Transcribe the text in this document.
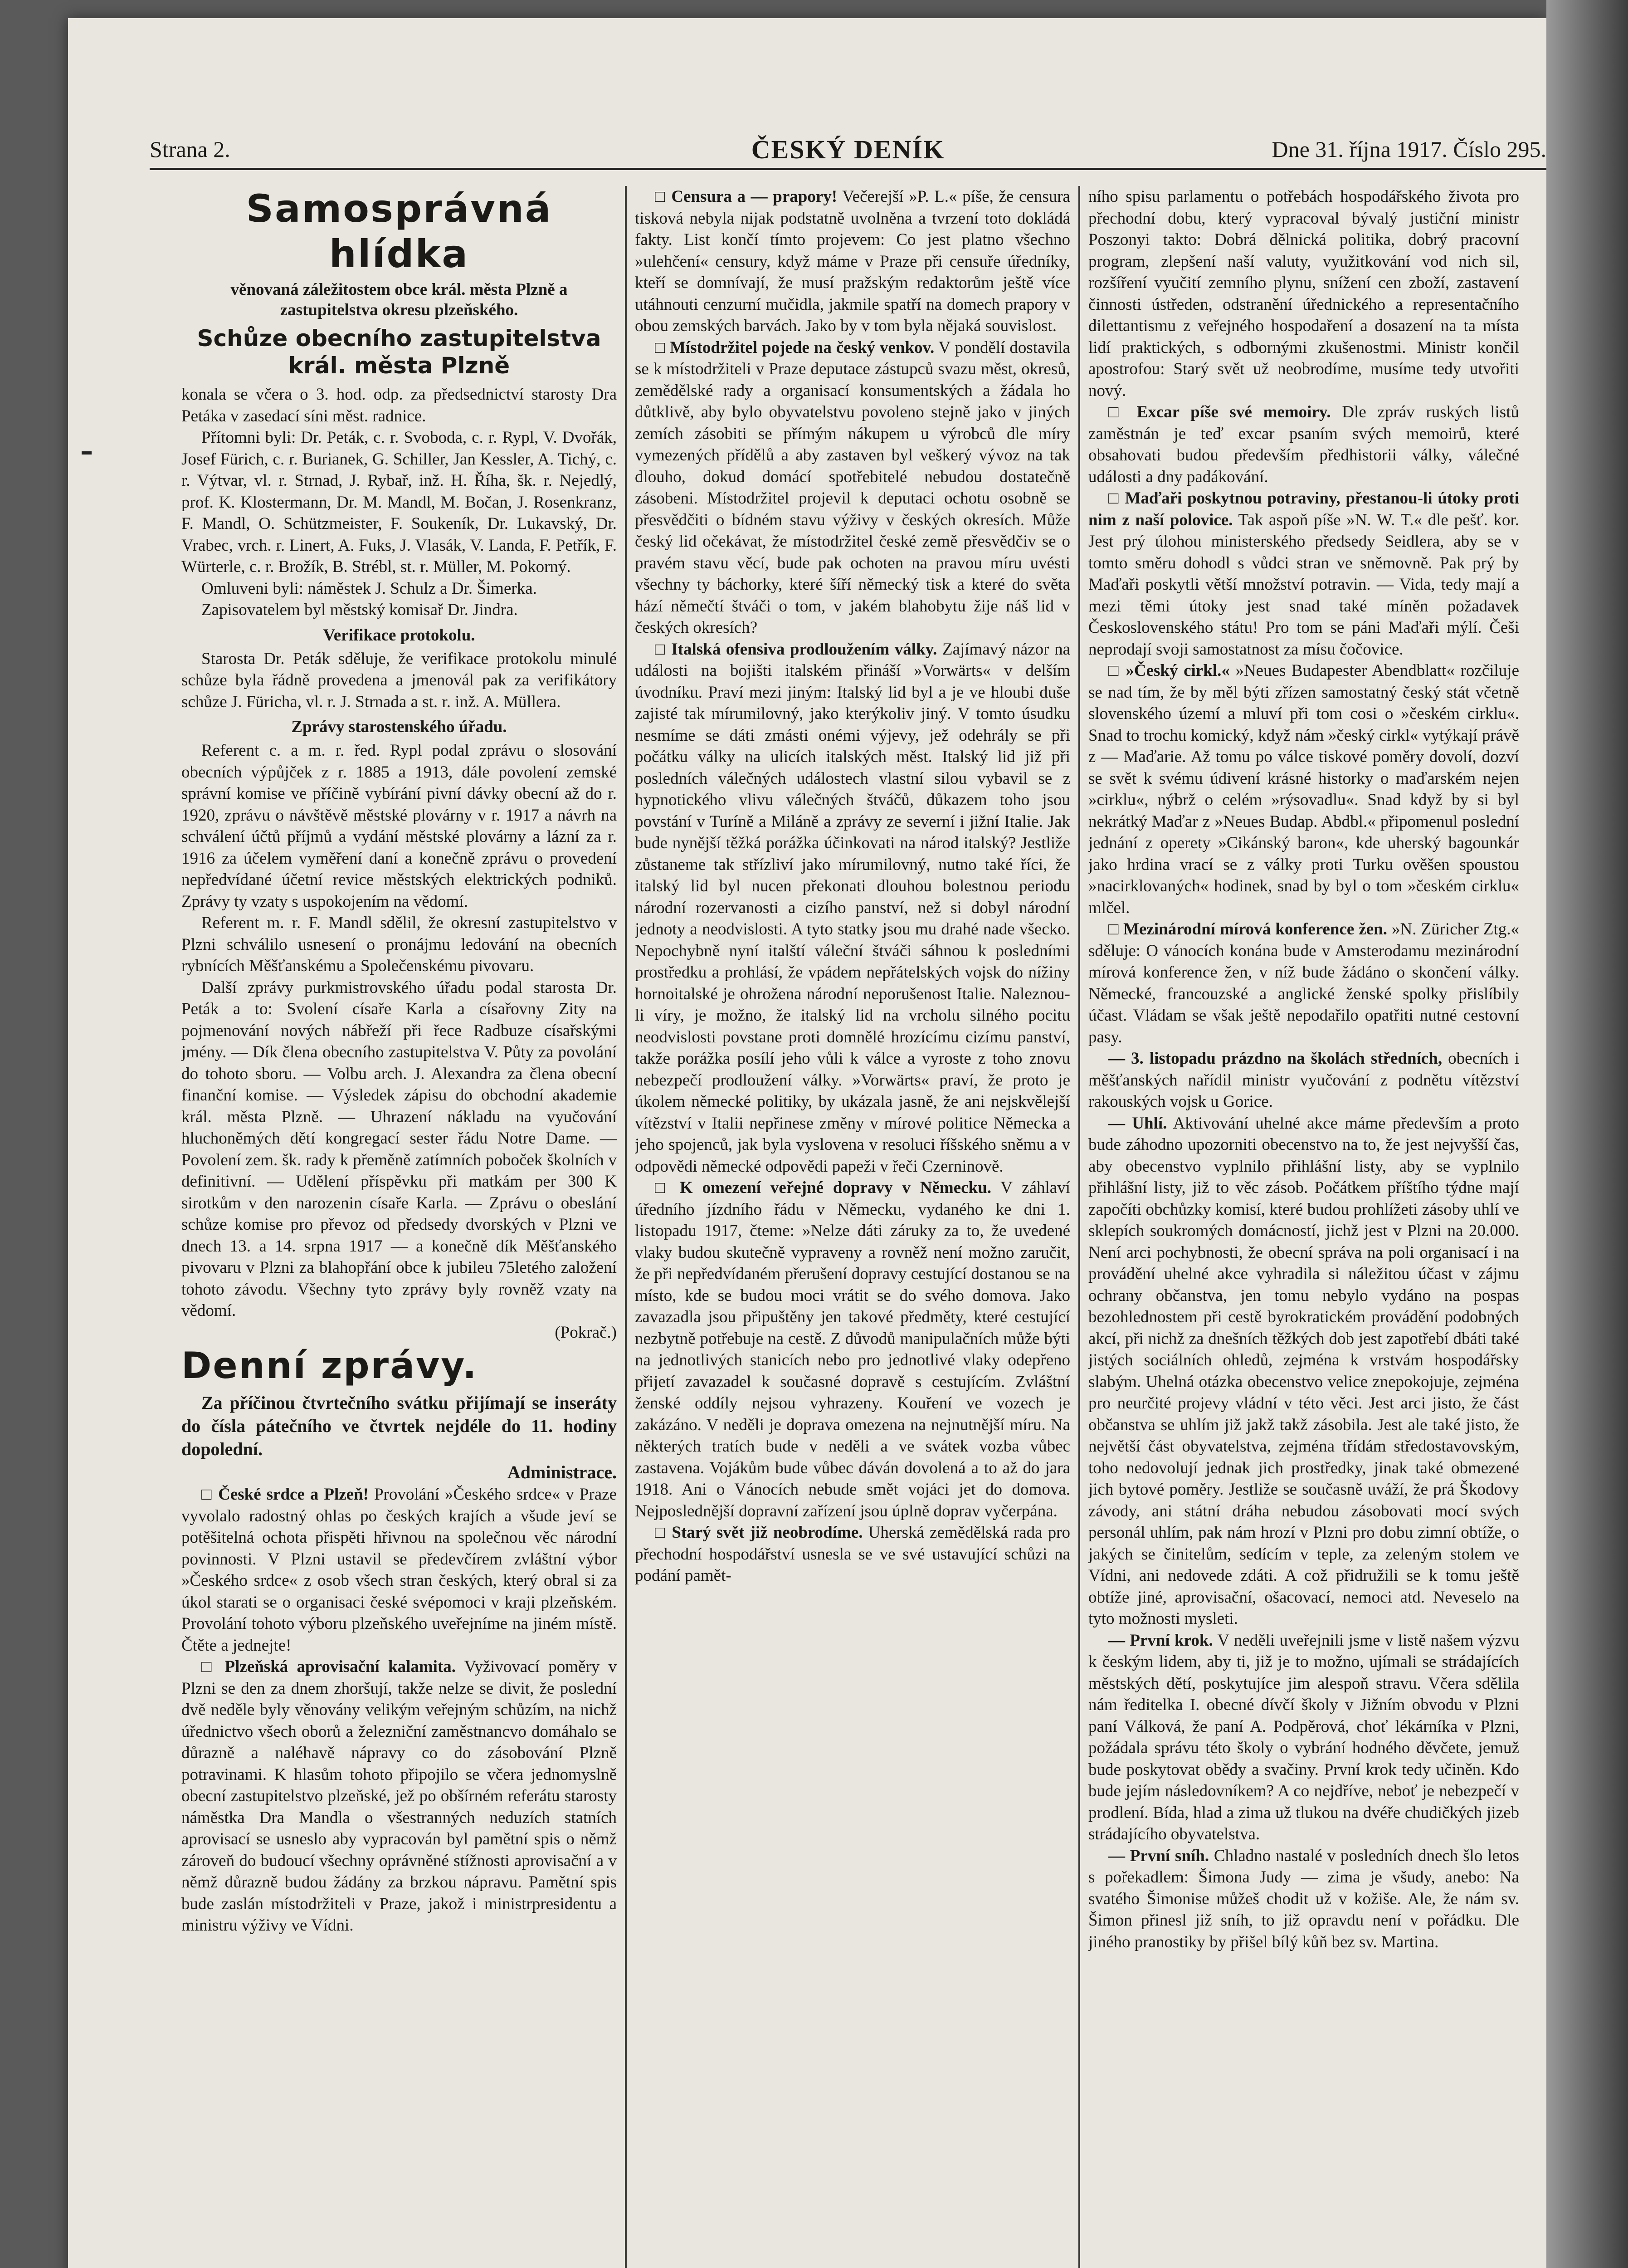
Strana 2.	ČESKÝ DENÍK	Dne 31. října 1917. Číslo 295.
Samosprávná hlídka
věnovaná záležitostem obce král. města Plzně a zastupitelstva okresu plzeňského.
Schůze obecního zastupitelstva král. města Plzně

konala se včera o 3. hod. odp. za předsednictví starosty Dra Petáka v zasedací síni měst. radnice.

Přítomni byli: Dr. Peták, c. r. Svoboda, c. r. Rypl, V. Dvořák, Josef Fürich, c. r. Burianek, G. Schiller, Jan Kessler, A. Tichý, c. r. Výtvar, vl. r. Strnad, J. Rybař, inž. H. Říha, šk. r. Nejedlý, prof. K. Klostermann, Dr. M. Mandl, M. Bočan, J. Rosenkranz, F. Mandl, O. Schützmeister, F. Soukeník, Dr. Lukavský, Dr. Vrabec, vrch. r. Linert, A. Fuks, J. Vlasák, V. Landa, F. Petřík, F. Würterle, c. r. Brožík, B. Strébl, st. r. Müller, M. Pokorný.

Omluveni byli: náměstek J. Schulz a Dr. Šimerka.

Zapisovatelem byl městský komisař Dr. Jindra.

Verifikace protokolu.

Starosta Dr. Peták sděluje, že verifikace protokolu minulé schůze byla řádně provedena a jmenovál pak za verifikátory schůze J. Füricha, vl. r. J. Strnada a st. r. inž. A. Müllera.

Zprávy starostenského úřadu.

Referent c. a m. r. řed. Rypl podal zprávu o slosování obecních výpůjček z r. 1885 a 1913, dále povolení zemské správní komise ve příčině vybírání pivní dávky obecní až do r. 1920, zprávu o návštěvě městské plovárny v r. 1917 a návrh na schválení účtů příjmů a vydání městské plovárny a lázní za r. 1916 za účelem vyměření daní a konečně zprávu o provedení nepředvídané účetní revice městských elektrických podniků. Zprávy ty vzaty s uspokojením na vědomí.

Referent m. r. F. Mandl sdělil, že okresní zastupitelstvo v Plzni schválilo usnesení o pronájmu ledování na obecních rybnících Měšťanskému a Společenskému pivovaru.

Další zprávy purkmistrovského úřadu podal starosta Dr. Peták a to: Svolení císaře Karla a císařovny Zity na pojmenování nových nábřeží při řece Radbuze císařskými jmény. — Dík člena obecního zastupitelstva V. Půty za povolání do tohoto sboru. — Volbu arch. J. Alexandra za člena obecní finanční komise. — Výsledek zápisu do obchodní akademie král. města Plzně. — Uhrazení nákladu na vyučování hluchoněmých dětí kongregací sester řádu Notre Dame. — Povolení zem. šk. rady k přeměně zatímních poboček školních v definitivní. — Udělení příspěvku při matkám per 300 K sirotkům v den narozenin císaře Karla. — Zprávu o obeslání schůze komise pro převoz od předsedy dvorských v Plzni ve dnech 13. a 14. srpna 1917 — a konečně dík Měšťanského pivovaru v Plzni za blahopřání obce k jubileu 75letého založení tohoto závodu. Všechny tyto zprávy byly rovněž vzaty na vědomí.

(Pokrač.)

Denní zprávy.

Za příčinou čtvrtečního svátku přijímají se inseráty do čísla pátečního ve čtvrtek nejdéle do 11. hodiny dopolední.

Administrace.

□ České srdce a Plzeň! Provolání »Českého srdce« v Praze vyvolalo radostný ohlas po českých krajích a všude jeví se potěšitelná ochota přispěti hřivnou na společnou věc národní povinnosti. V Plzni ustavil se předevčírem zvláštní výbor »Českého srdce« z osob všech stran českých, který obral si za úkol starati se o organisaci české svépomoci v kraji plzeňském. Provolání tohoto výboru plzeňského uveřejníme na jiném místě. Čtěte a jednejte!

□ Plzeňská aprovisační kalamita. Vyživovací poměry v Plzni se den za dnem zhoršují, takže nelze se divit, že poslední dvě neděle byly věnovány velikým veřejným schůzím, na nichž úřednictvo všech oborů a železniční zaměstnancvo domáhalo se důrazně a naléhavě nápravy co do zásobování Plzně potravinami. K hlasům tohoto připojilo se včera jednomyslně obecní zastupitelstvo plzeňské, jež po obšírném referátu starosty náměstka Dra Mandla o všestranných neduzích statních aprovisací se usneslo aby vypracován byl pamětní spis o němž zároveň do budoucí všechny oprávněné stížnosti aprovisační a v němž důrazně budou žádány za brzkou nápravu. Pamětní spis bude zaslán místodržiteli v Praze, jakož i ministrpresidentu a ministru výživy ve Vídni.

□ Censura a — prapory! Večerejší »P. L.« píše, že censura tisková nebyla nijak podstatně uvolněna a tvrzení toto dokládá fakty. List končí tímto projevem: Co jest platno všechno »ulehčení« censury, když máme v Praze při censuře úředníky, kteří se domnívají, že musí pražským redaktorům ještě více utáhnouti cenzurní mučidla, jakmile spatří na domech prapory v obou zemských barvách. Jako by v tom byla nějaká souvislost.

□ Místodržitel pojede na český venkov. V pondělí dostavila se k místodržiteli v Praze deputace zástupců svazu měst, okresů, zemědělské rady a organisací konsumentských a žádala ho důtklivě, aby bylo obyvatelstvu povoleno stejně jako v jiných zemích zásobiti se přímým nákupem u výrobců dle míry vymezených přídělů a aby zastaven byl veškerý vývoz na tak dlouho, dokud domácí spotřebitelé nebudou dostatečně zásobeni. Místodržitel projevil k deputaci ochotu osobně se přesvědčiti o bídném stavu výživy v českých okresích. Může český lid očekávat, že místodržitel české země přesvědčiv se o pravém stavu věcí, bude pak ochoten na pravou míru uvésti všechny ty báchorky, které šíří německý tisk a které do světa hází němečtí štváči o tom, v jakém blahobytu žije náš lid v českých okresích?

□ Italská ofensiva prodloužením války. Zajímavý názor na události na bojišti italském přináší »Vorwärts« v delším úvodníku. Praví mezi jiným: Italský lid byl a je ve hloubi duše zajisté tak mírumilovný, jako kterýkoliv jiný. V tomto úsudku nesmíme se dáti zmásti onémi výjevy, jež odehrály se při počátku války na ulicích italských měst. Italský lid již při posledních válečných událostech vlastní silou vybavil se z hypnotického vlivu válečných štváčů, důkazem toho jsou povstání v Turíně a Miláně a zprávy ze severní i jižní Italie. Jak bude nynější těžká porážka účinkovati na národ italský? Jestliže zůstaneme tak střízliví jako mírumilovný, nutno také říci, že italský lid byl nucen překonati dlouhou bolestnou periodu národní rozervanosti a cizího panství, než si dobyl národní jednoty a neodvislosti. A tyto statky jsou mu drahé nade všecko. Nepochybně nyní italští váleční štváči sáhnou k posledními prostředku a prohlásí, že vpádem nepřátelských vojsk do nížiny hornoitalské je ohrožena národní neporušenost Italie. Naleznou-li víry, je možno, že italský lid na vrcholu silného pocitu neodvislosti povstane proti domnělé hrozícímu cizímu panství, takže porážka posílí jeho vůli k válce a vyroste z toho znovu nebezpečí prodloužení války. »Vorwärts« praví, že proto je úkolem německé politiky, by ukázala jasně, že ani nejskvělejší vítězství v Italii nepřinese změny v mírové politice Německa a jeho spojenců, jak byla vyslovena v resoluci říšského sněmu a v odpovědi německé odpovědi papeži v řeči Czerninově.

□ K omezení veřejné dopravy v Německu. V záhlaví úředního jízdního řádu v Německu, vydaného ke dni 1. listopadu 1917, čteme: »Nelze dáti záruky za to, že uvedené vlaky budou skutečně vypraveny a rovněž není možno zaručit, že při nepředvídaném přerušení dopravy cestující dostanou se na místo, kde se budou moci vrátit se do svého domova. Jako zavazadla jsou připuštěny jen takové předměty, které cestující nezbytně potřebuje na cestě. Z důvodů manipulačních může býti na jednotlivých stanicích nebo pro jednotlivé vlaky odepřeno přijetí zavazadel k současné dopravě s cestujícím. Zvláštní ženské oddíly nejsou vyhrazeny. Kouření ve vozech je zakázáno. V neděli je doprava omezena na nejnutnější míru. Na některých tratích bude v neděli a ve svátek vozba vůbec zastavena. Vojákům bude vůbec dáván dovolená a to až do jara 1918. Ani o Vánocích nebude smět vojáci jet do domova. Nejposlednější dopravní zařízení jsou úplně doprav vyčerpána.

□ Starý svět již neobrodíme. Uherská zemědělská rada pro přechodní hospodářství usnesla se ve své ustavující schůzi na podání pamět-

ního spisu parlamentu o potřebách hospodářského života pro přechodní dobu, který vypracoval bývalý justiční ministr Poszonyi takto: Dobrá dělnická politika, dobrý pracovní program, zlepšení naší valuty, využitkování vod nich sil, rozšíření vyučití zemního plynu, snížení cen zboží, zastavení činnosti ústředen, odstranění úřednického a representačního dilettantismu z veřejného hospodaření a dosazení na ta místa lidí praktických, s odbornými zkušenostmi. Ministr končil apostrofou: Starý svět už neobrodíme, musíme tedy utvořiti nový.

□ Excar píše své memoiry. Dle zpráv ruských listů zaměstnán je teď excar psaním svých memoirů, které obsahovati budou především předhistorii války, válečné události a dny padákování.

□ Maďaři poskytnou potraviny, přestanou-li útoky proti nim z naší polovice. Tak aspoň píše »N. W. T.« dle pešť. kor. Jest prý úlohou ministerského předsedy Seidlera, aby se v tomto směru dohodl s vůdci stran ve sněmovně. Pak prý by Maďaři poskytli větší množství potravin. — Vida, tedy mají a mezi těmi útoky jest snad také míněn požadavek Československého státu! Pro tom se páni Maďaři mýlí. Češi neprodají svoji samostatnost za mísu čočovice.

□ »Český cirkl.« »Neues Budapester Abendblatt« rozčiluje se nad tím, že by měl býti zřízen samostatný český stát včetně slovenského území a mluví při tom cosi o »českém cirklu«. Snad to trochu komický, když nám »český cirkl« vytýkají právě z — Maďarie. Až tomu po válce tiskové poměry dovolí, dozví se svět k svému údivení krásné historky o maďarském nejen »cirklu«, nýbrž o celém »rýsovadlu«. Snad když by si byl nekrátký Maďar z »Neues Budap. Abdbl.« připomenul poslední jednání z operety »Cikánský baron«, kde uherský bagounkár jako hrdina vrací se z války proti Turku ověšen spoustou »nacirklovaných« hodinek, snad by byl o tom »českém cirklu« mlčel.

□ Mezinárodní mírová konference žen. »N. Züricher Ztg.« sděluje: O vánocích konána bude v Amsterodamu mezinárodní mírová konference žen, v níž bude žádáno o skončení války. Německé, francouzské a anglické ženské spolky přislíbily účast. Vládam se však ještě nepodařilo opatřiti nutné cestovní pasy.

— 3. listopadu prázdno na školách středních, obecních i měšťanských nařídil ministr vyučování z podnětu vítězství rakouských vojsk u Gorice.

— Uhlí. Aktivování uhelné akce máme především a proto bude záhodno upozorniti obecenstvo na to, že jest nejvyšší čas, aby obecenstvo vyplnilo přihlášní listy, aby se vyplnilo přihlášní listy, již to věc zásob. Počátkem příštího týdne mají započíti obchůzky komisí, které budou prohlížeti zásoby uhlí ve sklepích soukromých domácností, jichž jest v Plzni na 20.000. Není arci pochybnosti, že obecní správa na poli organisací i na provádění uhelné akce vyhradila si náležitou účast v zájmu ochrany občanstva, jen tomu nebylo vydáno na pospas bezohlednostem při cestě byrokratickém provádění podobných akcí, při nichž za dnešních těžkých dob jest zapotřebí dbáti také jistých sociálních ohledů, zejména k vrstvám hospodářsky slabým. Uhelná otázka obecenstvo velice znepokojuje, zejména pro neurčité projevy vládní v této věci. Jest arci jisto, že část občanstva se uhlím již jakž takž zásobila. Jest ale také jisto, že největší část obyvatelstva, zejména třídám středostavovským, toho nedovolují jednak jich prostředky, jinak také obmezené jich bytové poměry. Jestliže se současně uváží, že prá Škodovy závody, ani státní dráha nebudou zásobovati mocí svých personál uhlím, pak nám hrozí v Plzni pro dobu zimní obtíže, o jakých se činitelům, sedícím v teple, za zeleným stolem ve Vídni, ani nedovede zdáti. A což přidružili se k tomu ještě obtíže jiné, aprovisační, ošacovací, nemoci atd. Neveselo na tyto možnosti mysleti.

— První krok. V neděli uveřejnili jsme v listě našem výzvu k českým lidem, aby ti, již je to možno, ujímali se strádajících městských dětí, poskytujíce jim alespoň stravu. Včera sdělila nám ředitelka I. obecné dívčí školy v Jižním obvodu v Plzni paní Válková, že paní A. Podpěrová, choť lékárníka v Plzni, požádala správu této školy o vybrání hodného děvčete, jemuž bude poskytovat obědy a svačiny. První krok tedy učiněn. Kdo bude jejím následovníkem? A co nejdříve, neboť je nebezpečí v prodlení. Bída, hlad a zima už tlukou na dvéře chudičkých jizeb strádajícího obyvatelstva.

— První sníh. Chladno nastalé v posledních dnech šlo letos s pořekadlem: Šimona Judy — zima je všudy, anebo: Na svatého Šimonise můžeš chodit už v kožiše. Ale, že nám sv. Šimon přinesl již sníh, to již opravdu není v pořádku. Dle jiného pranostiky by přišel bílý kůň bez sv. Martina.
